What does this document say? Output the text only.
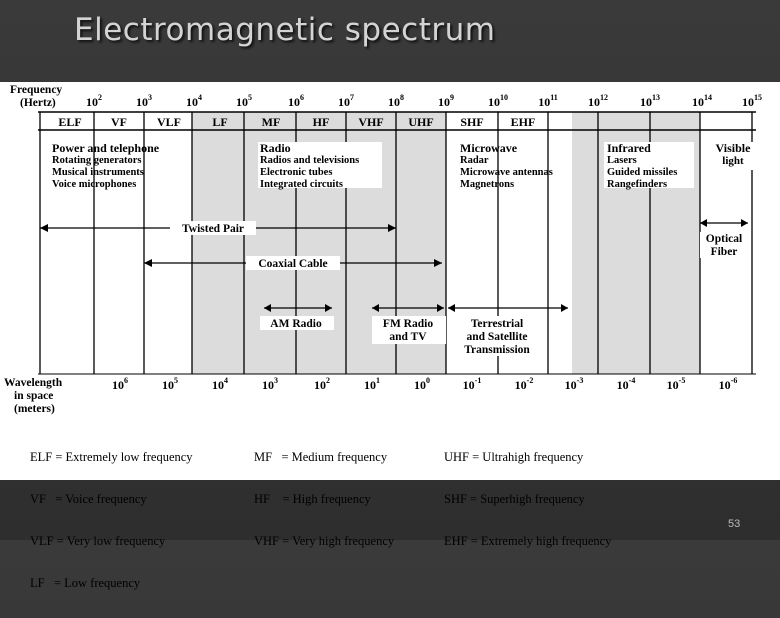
Electromagnetic spectrum
Frequency
(Hertz)	$10^2$	$10^3$	$10^4$	$10^5$	$10^6$	$10^7$	$10^8$	$10^9$	$10^{10}$	$10^{11}$	$10^{12}$	$10^{13}$	$10^{14}$	$10^{15}$
ELF VF	VLF	LF	MF	HF VHF UHF SHF EHF
Power and telephone
Rotating generators
Musical instruments
Voice microphones
Radio
Radios and televisions
Electronic tubes
Integrated circuits
Microwave
Radar
Microwave antennas
Magnetrons
Infrared
Lasers
Guided missiles
Rangefinders
Visible
light
Twisted Pair
Coaxial Cable
Optical
Fiber
AM Radio	FM Radio
and TV
Terrestrial
and Satellite
Transmission
Wavelength
in space
(meters)
$10^6$	$10^5$	$10^4$	$10^3$	$10^2$	$10^1$	$10^0$	$10^{-1}$	$10^{-2}$	$10^{-3}$	$10^{-4}$	$10^{-5}$	$10^{-6}$

ELF = Extremely low frequency

VF   = Voice frequency

VLF = Very low frequency

LF   = Low frequency

MF   = Medium frequency

HF    = High frequency

VHF = Very high frequency

UHF = Ultrahigh frequency

SHF = Superhigh frequency

EHF = Extremely high frequency

53
